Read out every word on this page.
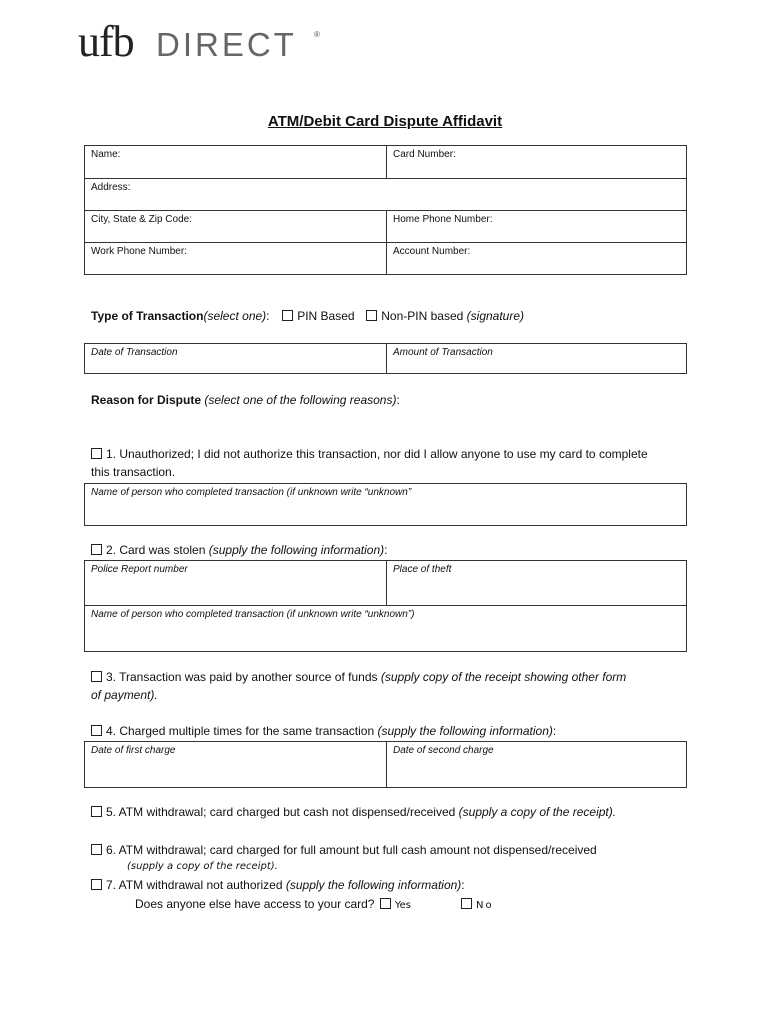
ufb DIRECT ®
ATM/Debit Card Dispute Affidavit
Name:	Card Number:
Address:	
City, State & Zip Code:	Home Phone Number:
Work Phone Number:	Account Number:
Type of Transaction(select one): PIN Based Non-PIN based (signature)
Date of Transaction	Amount of Transaction
Reason for Dispute (select one of the following reasons):
1. Unauthorized; I did not authorize this transaction, nor did I allow anyone to use my card to complete
this transaction.
Name of person who completed transaction (if unknown write “unknown”
2. Card was stolen (supply the following information):
Police Report number	Place of theft
Name of person who completed transaction (if unknown write “unknown”)
3. Transaction was paid by another source of funds (supply copy of the receipt showing other form
of payment).
4. Charged multiple times for the same transaction (supply the following information):
Date of first charge	Date of second charge
5. ATM withdrawal; card charged but cash not dispensed/received (supply a copy of the receipt).
6. ATM withdrawal; card charged for full amount but full cash amount not dispensed/received
(supply a copy of the receipt).
7. ATM withdrawal not authorized (supply the following information):
Does anyone else have access to your card? Yes	No
